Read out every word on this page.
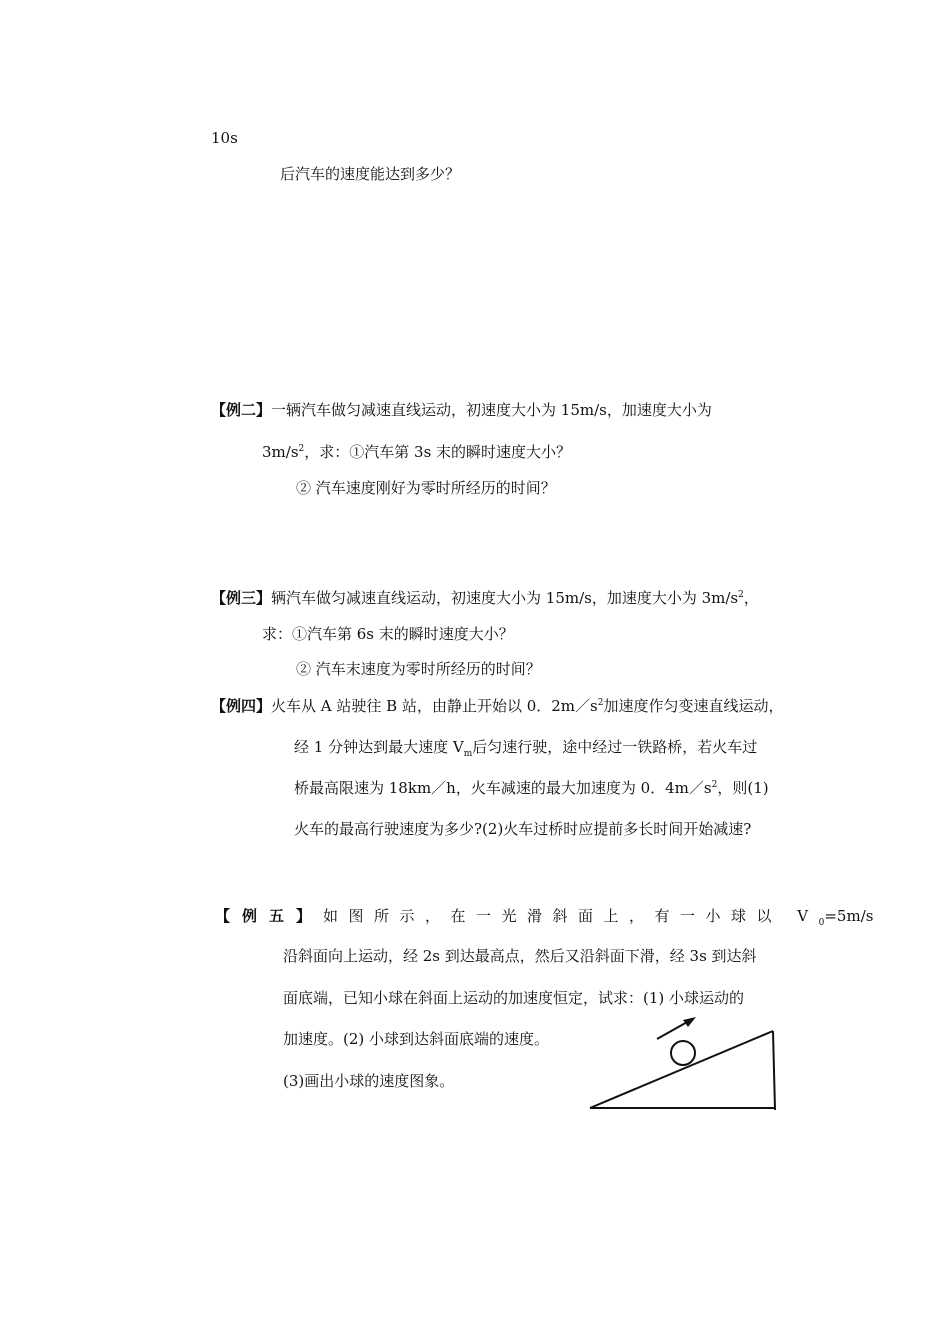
10s
后汽车的速度能达到多少？
【例二】一辆汽车做匀减速直线运动，初速度大小为 15m/s，加速度大小为
$3m/s^2$，求：①汽车第 3s 末的瞬时速度大小？
② 汽车速度刚好为零时所经历的时间？
【例三】辆汽车做匀减速直线运动，初速度大小为 15m/s，加速度大小为 $3m/s^2$，
求：①汽车第 6s 末的瞬时速度大小？
② 汽车末速度为零时所经历的时间？
【例四】火车从 A 站驶往 B 站，由静止开始以 0．$2m/s^2$加速度作匀变速直线运动，
经 1 分钟达到最大速度 $V_m$后匀速行驶，途中经过一铁路桥，若火车过
桥最高限速为 18km／h，火车减速的最大加速度为 0．$4m/s^2$，则(1)
火车的最高行驶速度为多少?(2)火车过桥时应提前多长时间开始减速?
【例五】如图所示，在一光滑斜面上，有一小球以 $V_0=5m/s$
沿斜面向上运动，经 2s 到达最高点，然后又沿斜面下滑，经 3s 到达斜
面底端，已知小球在斜面上运动的加速度恒定，试求：(1) 小球运动的
加速度。(2) 小球到达斜面底端的速度。
(3)画出小球的速度图象。
